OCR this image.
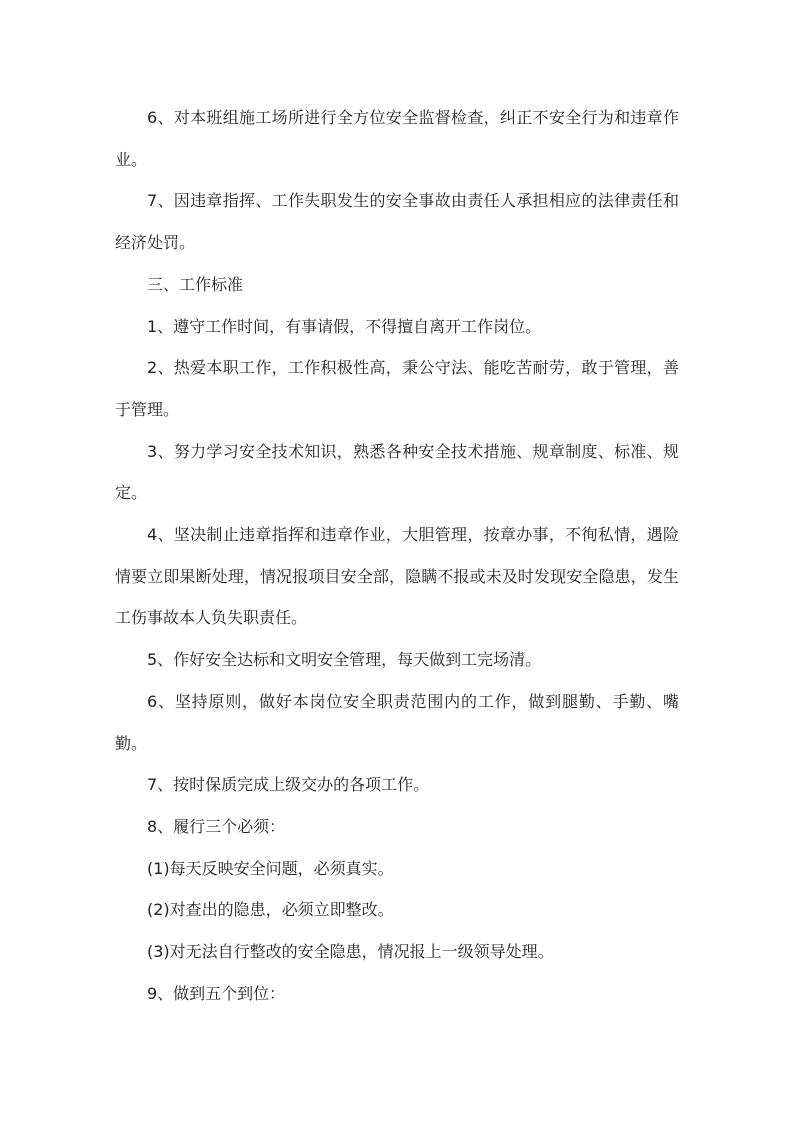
6、对本班组施工场所进行全方位安全监督检查，纠正不安全行为和违章作业。

7、因违章指挥、工作失职发生的安全事故由责任人承担相应的法律责任和经济处罚。

三、工作标准

1、遵守工作时间，有事请假，不得擅自离开工作岗位。

2、热爱本职工作，工作积极性高，秉公守法、能吃苦耐劳，敢于管理，善于管理。

3、努力学习安全技术知识，熟悉各种安全技术措施、规章制度、标准、规定。

4、坚决制止违章指挥和违章作业，大胆管理，按章办事，不徇私情，遇险情要立即果断处理，情况报项目安全部，隐瞒不报或未及时发现安全隐患，发生工伤事故本人负失职责任。

5、作好安全达标和文明安全管理，每天做到工完场清。

6、坚持原则，做好本岗位安全职责范围内的工作，做到腿勤、手勤、嘴勤。

7、按时保质完成上级交办的各项工作。

8、履行三个必须：

(1)每天反映安全问题，必须真实。

(2)对查出的隐患，必须立即整改。

(3)对无法自行整改的安全隐患，情况报上一级领导处理。

9、做到五个到位：
